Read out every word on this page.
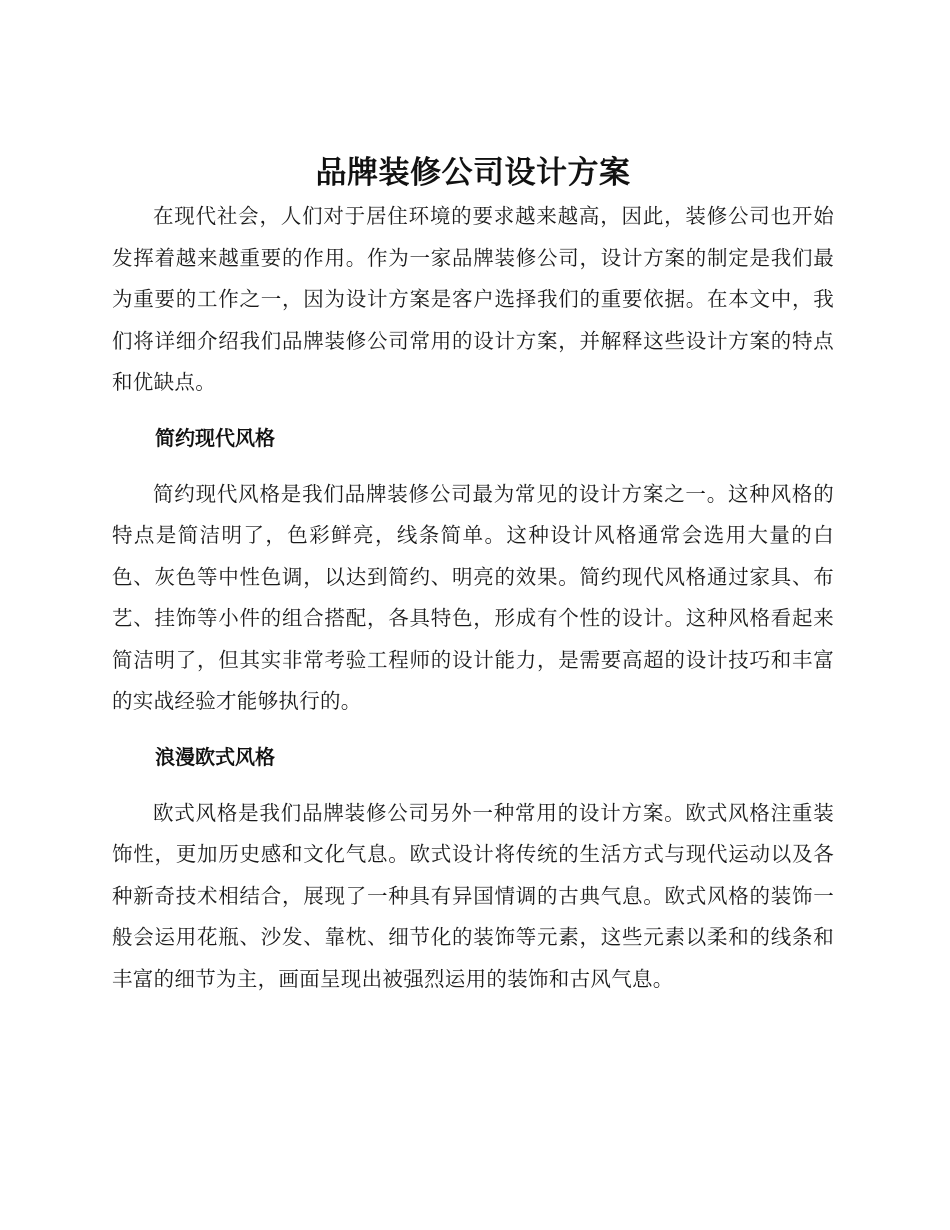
品牌装修公司设计方案

在现代社会，人们对于居住环境的要求越来越高，因此，装修公司也开始发挥着越来越重要的作用。作为一家品牌装修公司，设计方案的制定是我们最为重要的工作之一，因为设计方案是客户选择我们的重要依据。在本文中，我们将详细介绍我们品牌装修公司常用的设计方案，并解释这些设计方案的特点和优缺点。

简约现代风格

简约现代风格是我们品牌装修公司最为常见的设计方案之一。这种风格的特点是简洁明了，色彩鲜亮，线条简单。这种设计风格通常会选用大量的白色、灰色等中性色调，以达到简约、明亮的效果。简约现代风格通过家具、布艺、挂饰等小件的组合搭配，各具特色，形成有个性的设计。这种风格看起来简洁明了，但其实非常考验工程师的设计能力，是需要高超的设计技巧和丰富的实战经验才能够执行的。

浪漫欧式风格

欧式风格是我们品牌装修公司另外一种常用的设计方案。欧式风格注重装饰性，更加历史感和文化气息。欧式设计将传统的生活方式与现代运动以及各种新奇技术相结合，展现了一种具有异国情调的古典气息。欧式风格的装饰一般会运用花瓶、沙发、靠枕、细节化的装饰等元素，这些元素以柔和的线条和丰富的细节为主，画面呈现出被强烈运用的装饰和古风气息。
